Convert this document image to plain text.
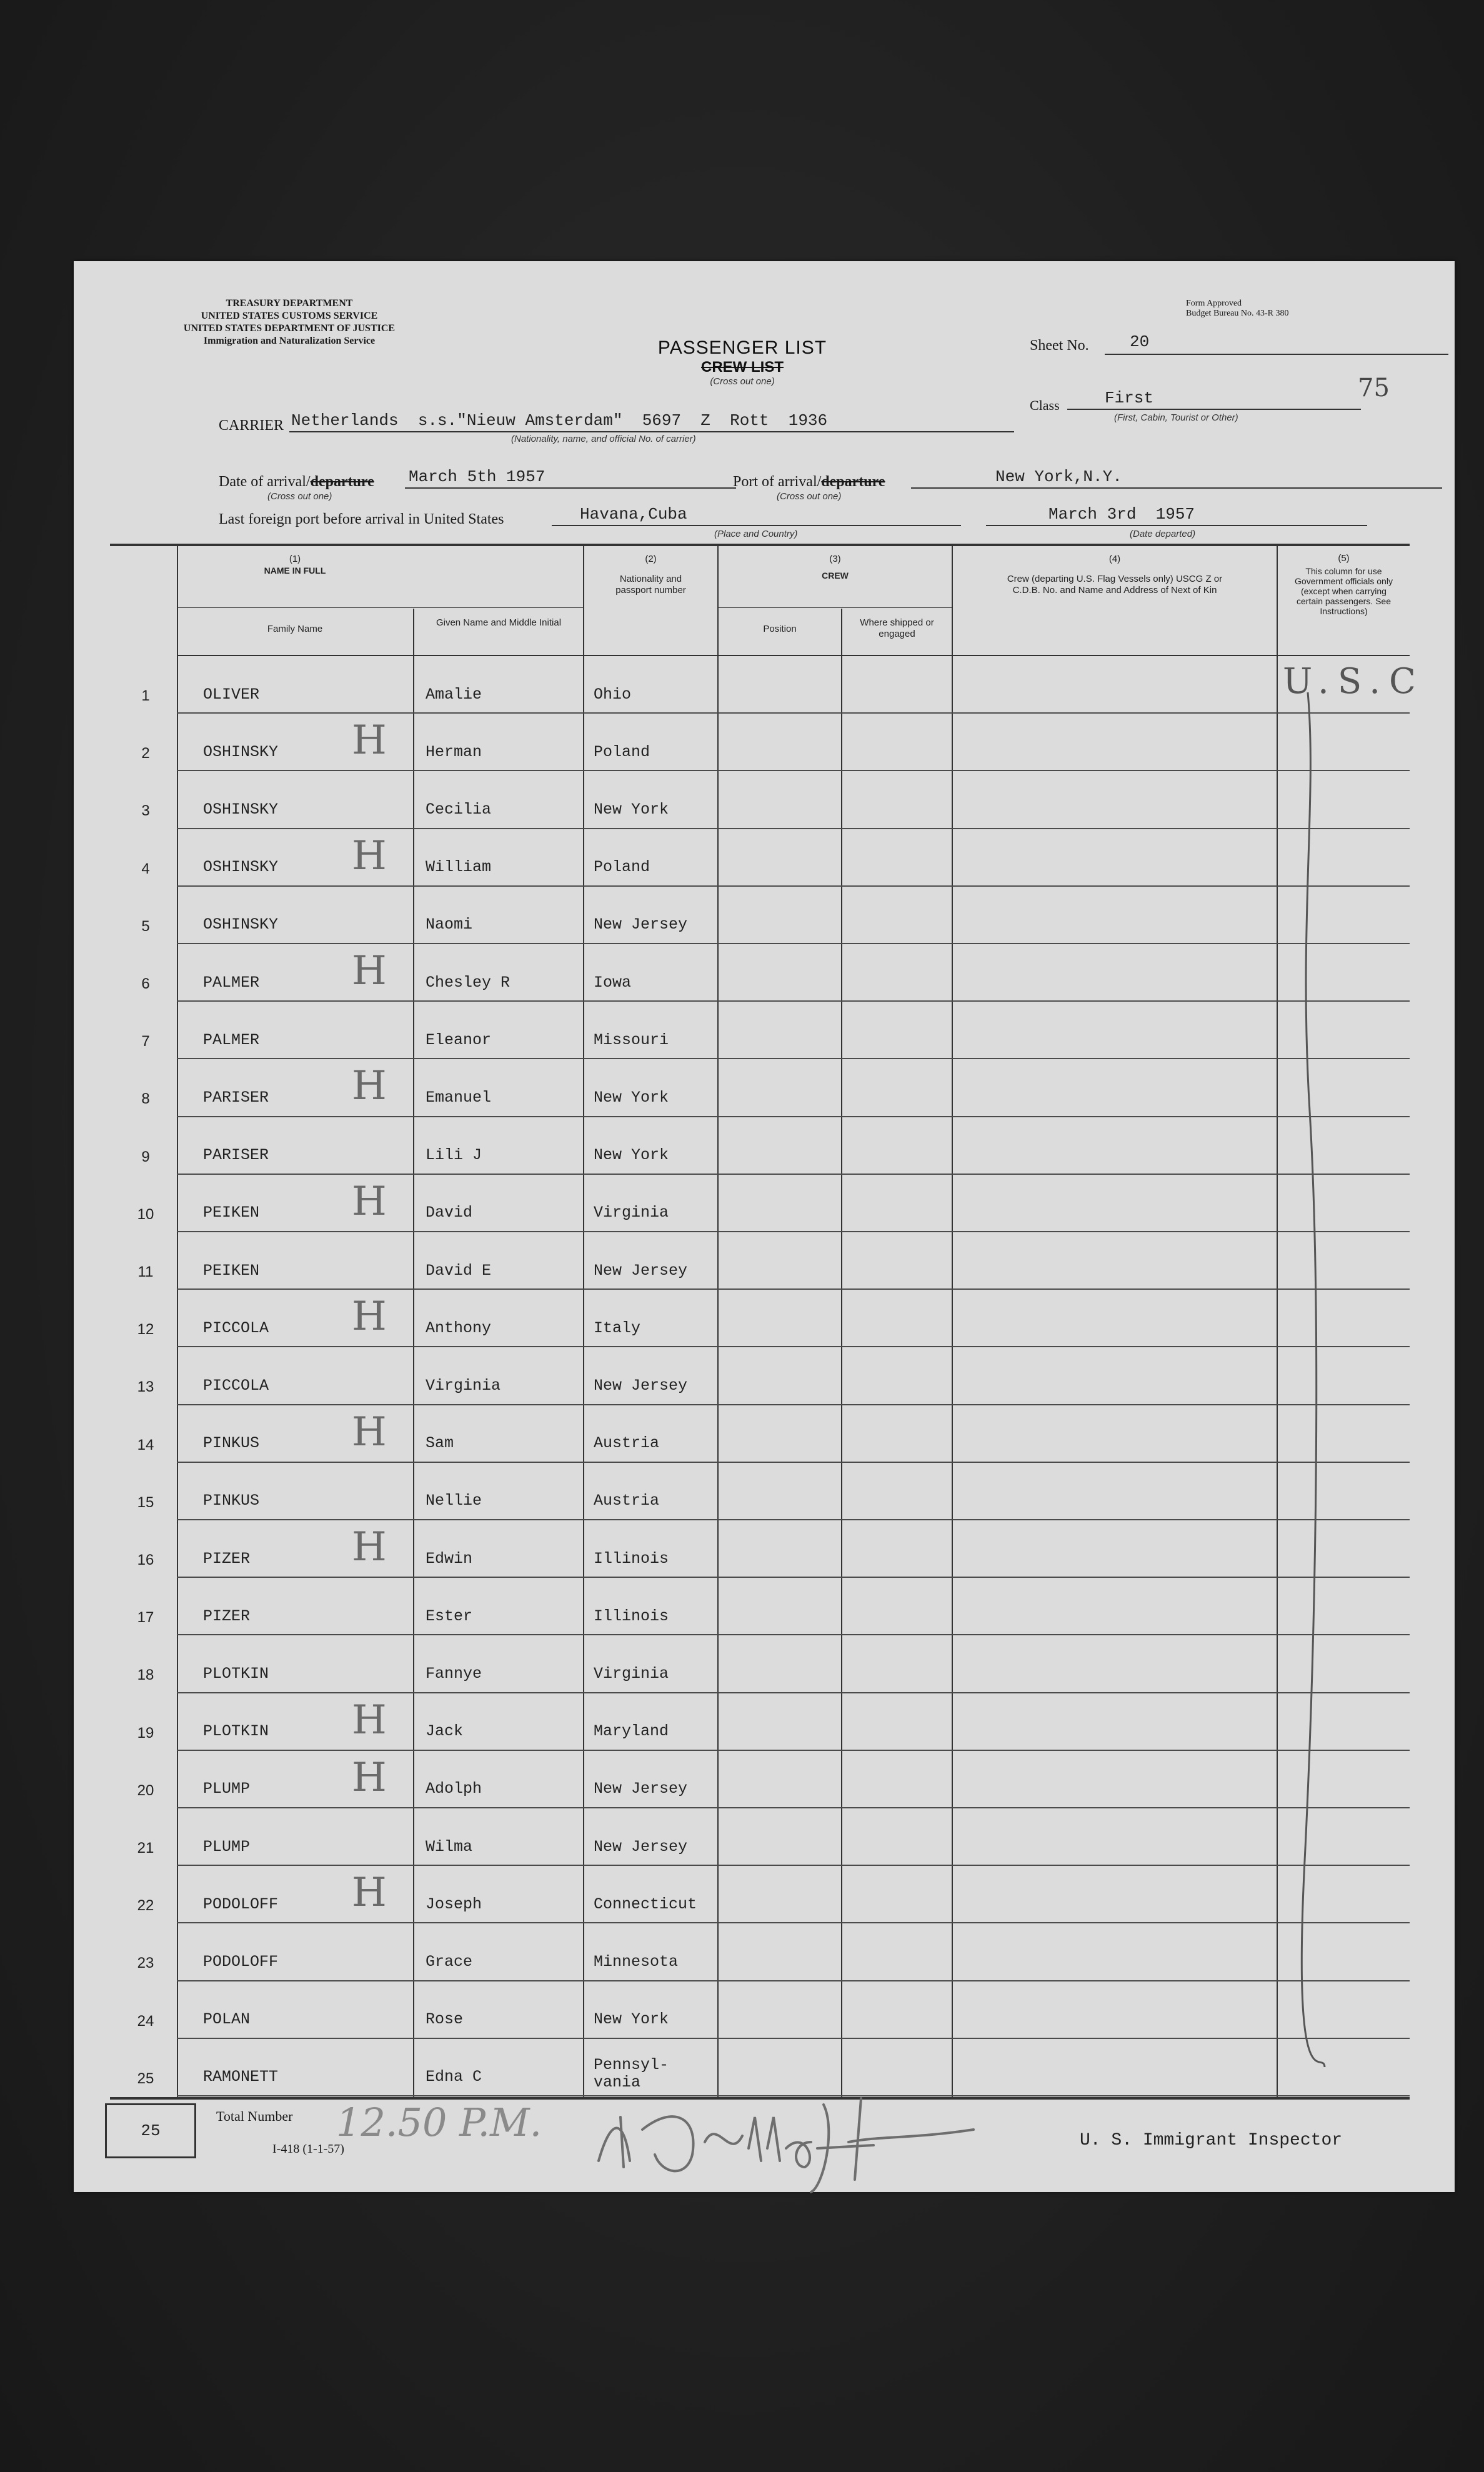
TREASURY DEPARTMENT
UNITED STATES CUSTOMS SERVICE
UNITED STATES DEPARTMENT OF JUSTICE
Immigration and Naturalization Service	PASSENGER LIST
CREW LIST
(Cross out one)
Form Approved
Budget Bureau No. 43-R 380
Sheet No.	20
Class	First
(First, Cabin, Tourist or Other)
75
CARRIER Netherlands  s.s."Nieuw Amsterdam"  5697  Z  Rott  1936
(Nationality, name, and official No. of carrier)
Date of arrival/departure
(Cross out one)
March 5th 1957	Port of arrival/departure
(Cross out one)
New York,N.Y.
Last foreign port before arrival in United States	Havana,Cuba
(Place and Country)
March 3rd  1957
(Date departed)
(1)
NAME IN FULL
Family Name
Given Name and Middle Initial
(2)
Nationality and passport number
(3)
CREW
Position
Where shipped or engaged
(4)
Crew (departing U.S. Flag Vessels only) USCG Z or C.D.B. No. and Name and Address of Next of Kin
(5)
This column for use Government officials only (except when carrying certain passengers. See Instructions)
1	OLIVER	Amalie	Ohio
2	OSHINSKY	Herman	Poland
H
3	OSHINSKY	Cecilia	New York
4	OSHINSKY	William	Poland
H
5	OSHINSKY	Naomi	New Jersey
6	PALMER	Chesley R	Iowa
H
7	PALMER	Eleanor	Missouri
8	PARISER	Emanuel	New York
H
9	PARISER	Lili J	New York
10	PEIKEN	David	Virginia
H
11	PEIKEN	David E	New Jersey
12	PICCOLA	Anthony	Italy
H
13	PICCOLA	Virginia	New Jersey
14	PINKUS	Sam	Austria
H
15	PINKUS	Nellie	Austria
16	PIZER	Edwin	Illinois
H
17	PIZER	Ester	Illinois
18	PLOTKIN	Fannye	Virginia
19	PLOTKIN	Jack	Maryland
H
20	PLUMP	Adolph	New Jersey
H
21	PLUMP	Wilma	New Jersey
22	PODOLOFF	Joseph	Connecticut
H
23	PODOLOFF	Grace	Minnesota
24	POLAN	Rose	New York
25	RAMONETT	Edna C
Pennsyl-
vania
U.S.C
25
Total Number
I-418 (1-1-57)
12.50 P.M.	U. S. Immigrant Inspector
